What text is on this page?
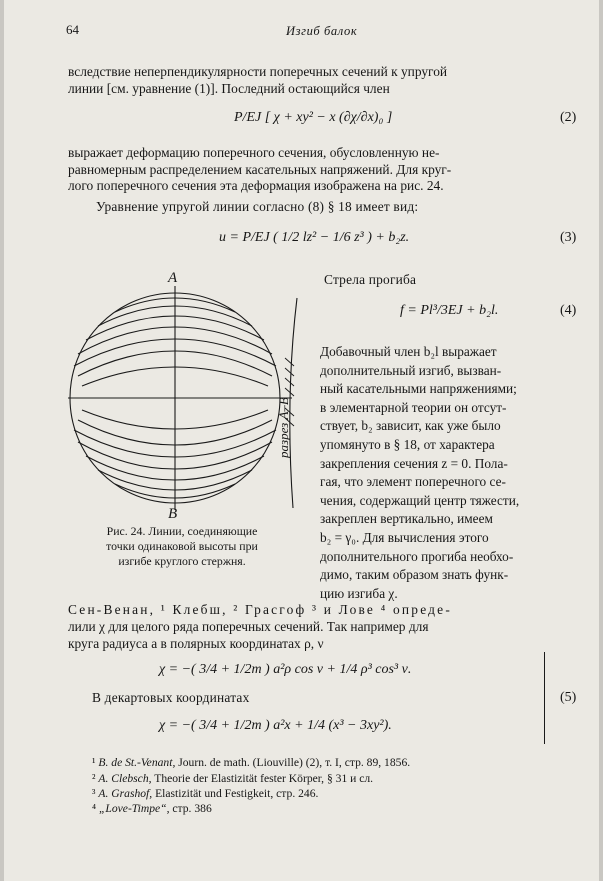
64	Изгиб балок
вследствие неперпендикулярности поперечных сечений к упругой
линии [см. уравнение (1)]. Последний остающийся член
P/EJ [ χ + xy² − x (∂χ/∂x)₀ ]	(2)
выражает деформацию поперечного сечения, обусловленную не-
равномерным распределением касательных напряжений. Для круг-
лого поперечного сечения эта деформация изображена на рис. 24.
Уравнение упругой линии согласно (8) § 18 имеет вид:
u = P/EJ ( 1/2 lz² − 1/6 z³ ) + b₂z.	(3)
A
B
разрез A–B
Рис. 24. Линии, соединяющие
точки одинаковой высоты при
изгибе круглого стержня.
Стрела прогиба
f = Pl³/3EJ + b₂l.	(4)
Добавочный член b₂l выражает
дополнительный изгиб, вызван-
ный касательными напряжениями;
в элементарной теории он отсут-
ствует, b₂ зависит, как уже было
упомянуто в § 18, от характера
закрепления сечения z = 0. Пола-
гая, что элемент поперечного се-
чения, содержащий центр тяжести,
закреплен вертикально, имеем
b₂ = γ₀. Для вычисления этого
дополнительного прогиба необхо-
димо, таким образом знать функ-
цию изгиба χ.
Сен-Венан, ¹ Клебш, ² Грасгоф ³ и Лове ⁴ опреде-
лили χ для целого ряда поперечных сечений. Так например для
круга радиуса a в полярных координатах ρ, ν
χ = −( 3/4 + 1/2m ) a²ρ cos ν + 1/4 ρ³ cos³ ν.
В декартовых координатах
χ = −( 3/4 + 1/2m ) a²x + 1/4 (x³ − 3xy²).
(5)
¹ B. de St.-Venant, Journ. de math. (Liouville) (2), т. I, стр. 89, 1856.
² A. Clebsch, Theorie der Elastizität fester Körper, § 31 и сл.
³ A. Grashof, Elastizität und Festigkeit, стр. 246.
⁴ „Love-Timpe“, стр. 386
